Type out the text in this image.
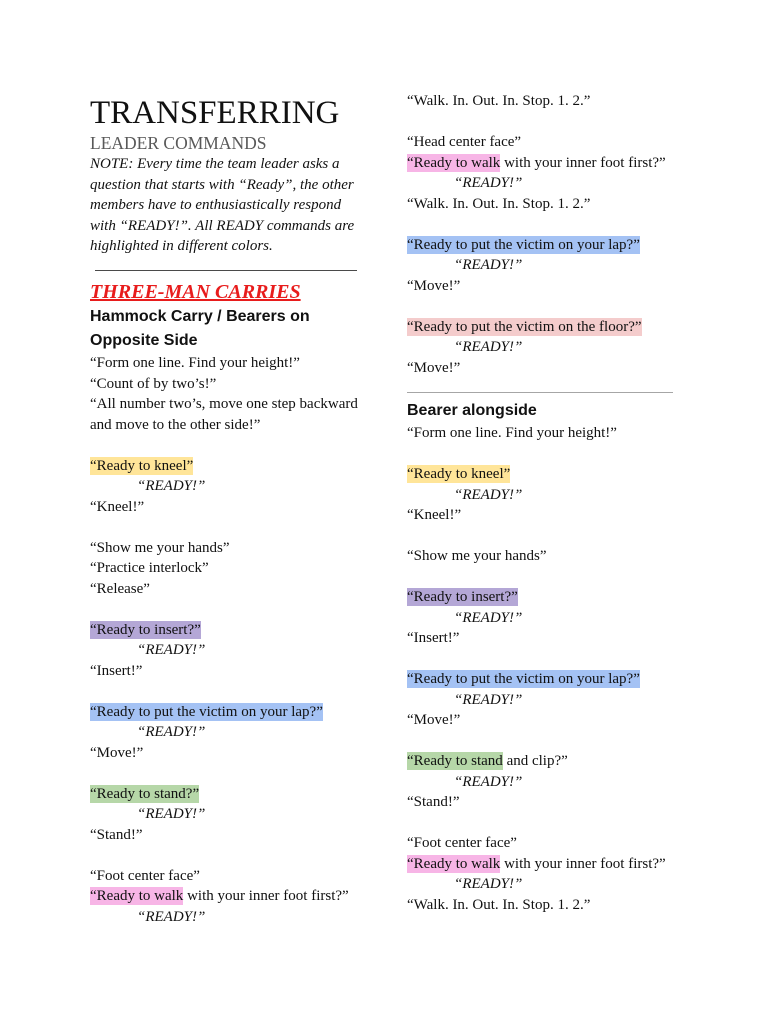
TRANSFERRING
LEADER COMMANDS
NOTE: Every time the team leader asks a
question that starts with “Ready”, the other
members have to enthusiastically respond
with “READY!”. All READY commands are
highlighted in different colors.
THREE-MAN CARRIES
Hammock Carry / Bearers on
Opposite Side
“Form one line. Find your height!”
“Count of by two’s!”
“All number two’s, move one step backward
and move to the other side!”
“Ready to kneel”
“READY!”
“Kneel!”
“Show me your hands”
“Practice interlock”
“Release”
“Ready to insert?”
“READY!”
“Insert!”
“Ready to put the victim on your lap?”
“READY!”
“Move!”
“Ready to stand?”
“READY!”
“Stand!”
“Foot center face”
“Ready to walk with your inner foot first?”
“READY!”
“Walk. In. Out. In. Stop. 1. 2.”
“Head center face”
“Ready to walk with your inner foot first?”
“READY!”
“Walk. In. Out. In. Stop. 1. 2.”
“Ready to put the victim on your lap?”
“READY!”
“Move!”
“Ready to put the victim on the floor?”
“READY!”
“Move!”
Bearer alongside
“Form one line. Find your height!”
“Ready to kneel”
“READY!”
“Kneel!”
“Show me your hands”
“Ready to insert?”
“READY!”
“Insert!”
“Ready to put the victim on your lap?”
“READY!”
“Move!”
“Ready to stand and clip?”
“READY!”
“Stand!”
“Foot center face”
“Ready to walk with your inner foot first?”
“READY!”
“Walk. In. Out. In. Stop. 1. 2.”
